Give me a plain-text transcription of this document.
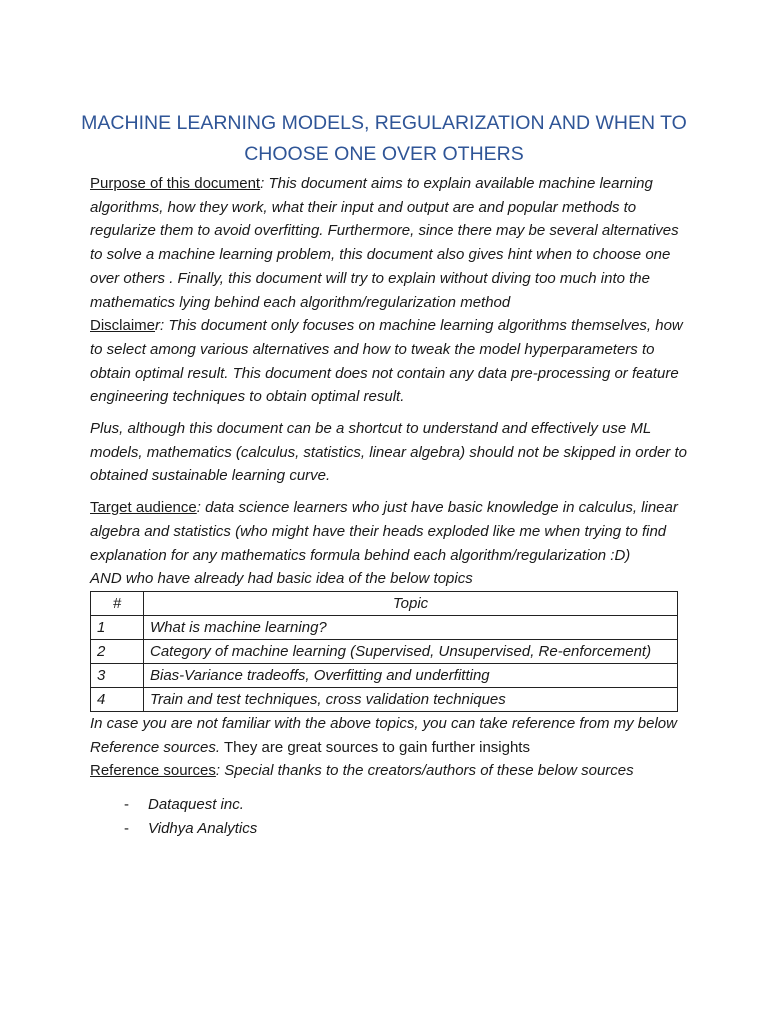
MACHINE LEARNING MODELS, REGULARIZATION AND WHEN TO CHOOSE ONE OVER OTHERS

Purpose of this document: This document aims to explain available machine learning algorithms, how they work, what their input and output are and popular methods to regularize them to avoid overfitting. Furthermore, since there may be several alternatives to solve a machine learning problem, this document also gives hint when to choose one over others . Finally, this document will try to explain without diving too much into the mathematics lying behind each algorithm/regularization method

Disclaimer: This document only focuses on machine learning algorithms themselves, how to select among various alternatives and how to tweak the model hyperparameters to obtain optimal result. This document does not contain any data pre-processing or feature engineering techniques to obtain optimal result.

Plus, although this document can be a shortcut to understand and effectively use ML models, mathematics (calculus, statistics, linear algebra) should not be skipped in order to obtained sustainable learning curve.

Target audience: data science learners who just have basic knowledge in calculus, linear algebra and statistics (who might have their heads exploded like me when trying to find explanation for any mathematics formula behind each algorithm/regularization :D)

AND who have already had basic idea of the below topics

#	Topic
1	What is machine learning?
2	Category of machine learning (Supervised, Unsupervised, Re-enforcement)
3	Bias-Variance tradeoffs, Overfitting and underfitting
4	Train and test techniques, cross validation techniques

In case you are not familiar with the above topics, you can take reference from my below Reference sources. They are great sources to gain further insights

Reference sources: Special thanks to the creators/authors of these below sources

- Dataquest inc.
- Vidhya Analytics
